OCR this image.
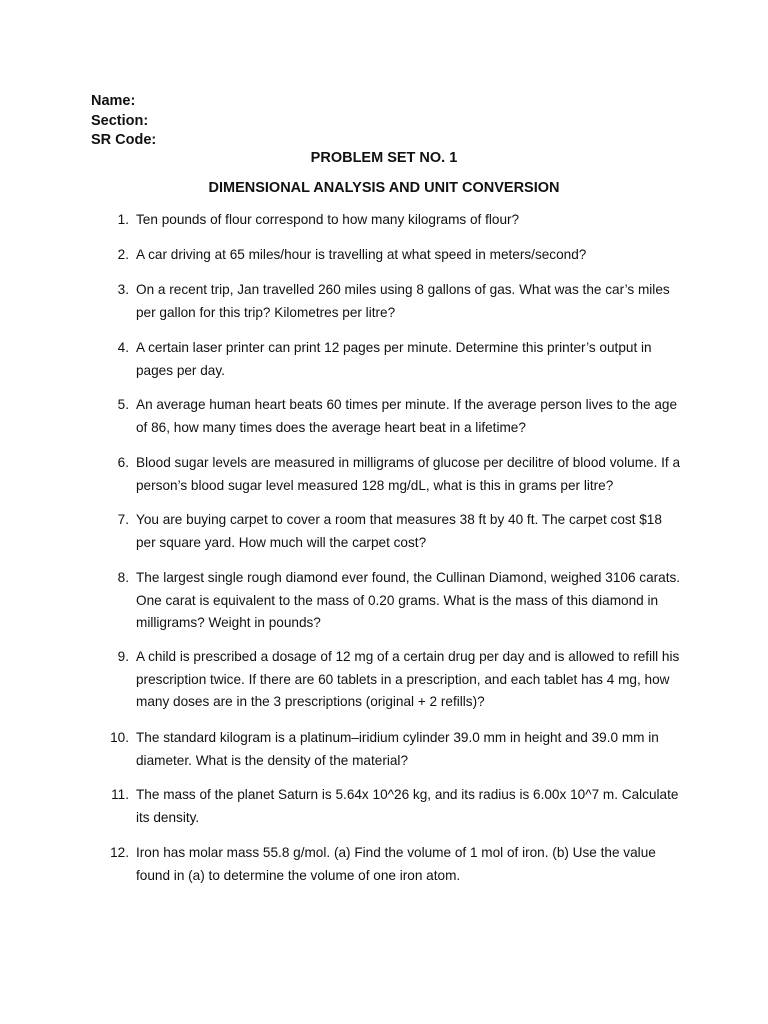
Name:
Section:
SR Code:
PROBLEM SET NO. 1
DIMENSIONAL ANALYSIS AND UNIT CONVERSION
1. Ten pounds of flour correspond to how many kilograms of flour?
2. A car driving at 65 miles/hour is travelling at what speed in meters/second?
3. On a recent trip, Jan travelled 260 miles using 8 gallons of gas. What was the car’s miles per gallon for this trip? Kilometres per litre?
4. A certain laser printer can print 12 pages per minute. Determine this printer’s output in pages per day.
5. An average human heart beats 60 times per minute. If the average person lives to the age of 86, how many times does the average heart beat in a lifetime?
6. Blood sugar levels are measured in milligrams of glucose per decilitre of blood volume. If a person’s blood sugar level measured 128 mg/dL, what is this in grams per litre?
7. You are buying carpet to cover a room that measures 38 ft by 40 ft. The carpet cost $18 per square yard. How much will the carpet cost?
8. The largest single rough diamond ever found, the Cullinan Diamond, weighed 3106 carats. One carat is equivalent to the mass of 0.20 grams. What is the mass of this diamond in milligrams? Weight in pounds?
9. A child is prescribed a dosage of 12 mg of a certain drug per day and is allowed to refill his prescription twice. If there are 60 tablets in a prescription, and each tablet has 4 mg, how many doses are in the 3 prescriptions (original + 2 refills)?
10. The standard kilogram is a platinum–iridium cylinder 39.0 mm in height and 39.0 mm in diameter. What is the density of the material?
11. The mass of the planet Saturn is 5.64x 10^26 kg, and its radius is 6.00x 10^7 m. Calculate its density.
12. Iron has molar mass 55.8 g/mol. (a) Find the volume of 1 mol of iron. (b) Use the value found in (a) to determine the volume of one iron atom.
